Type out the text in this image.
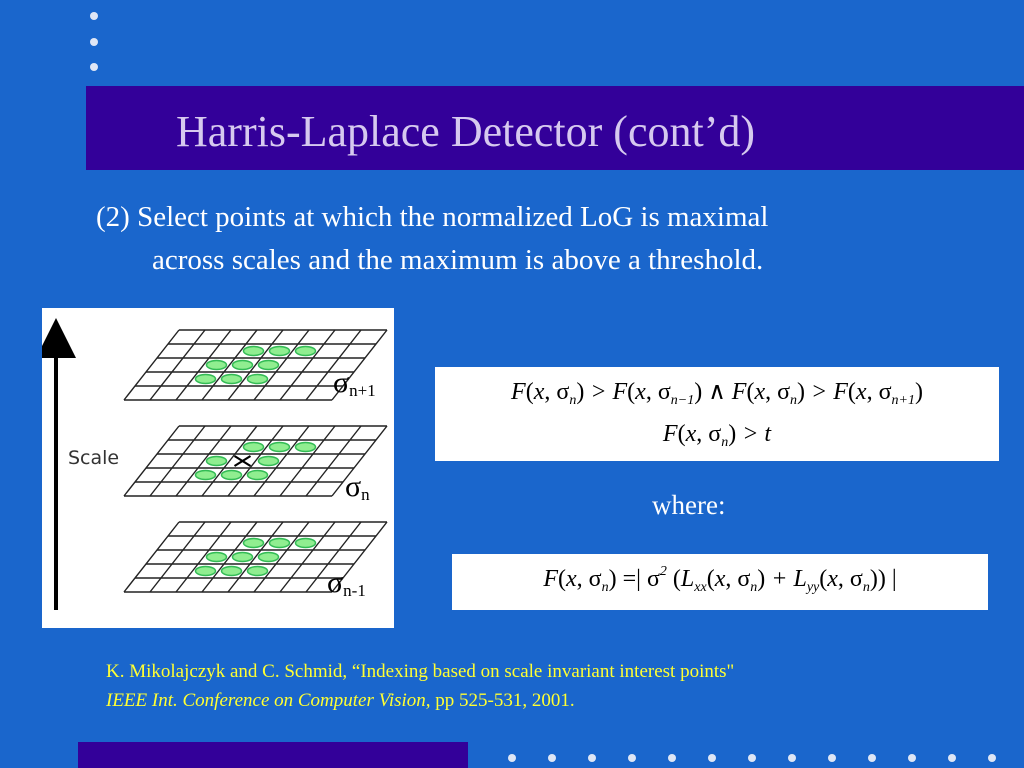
Harris-Laplace Detector (cont’d)
(2) Select points at which the normalized LoG is maximal
across scales and the maximum is above a threshold.
Scale
$\sigma_{n+1}$
$\sigma_n$
$\sigma_{n-1}$
F(x, $\sigma_n) > F(x$, $\sigma_{n-1}$) ∧ F(x, $\sigma_n) > F(x$, $\sigma_{n+1}$)
F(x, $\sigma_n) > t$
where:
F(x, $\sigma_n$) =| $\sigma^2$ ($L_{xx}(x$, $\sigma_n) + L_{yy}(x$, $\sigma_n$)) |
K. Mikolajczyk and C. Schmid, “Indexing based on scale invariant interest points"
IEEE Int. Conference on Computer Vision, pp 525-531, 2001.
